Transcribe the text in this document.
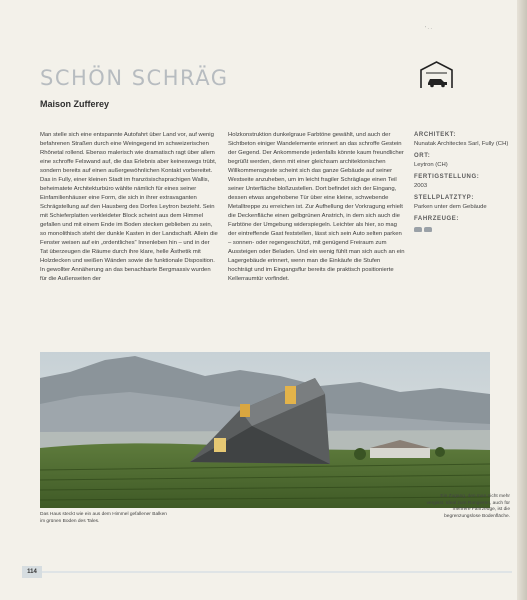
' · ·
SCHÖN SCHRÄG
Maison Zufferey
Man stelle sich eine entspannte Autofahrt über Land vor, auf wenig befahrenen Straßen durch eine Weingegend im schweizerischen Rhônetal rollend. Ebenso malerisch wie dramatisch ragt über allem eine schroffe Felswand auf, die das Erlebnis aber keineswegs trübt, sondern bereits auf einen außergewöhnlichen Kontakt vorbereitet. Das in Fully, einer kleinen Stadt im französischsprachigen Wallis, beheimatete Architekturbüro wählte nämlich für eines seiner Einfamilienhäuser eine Form, die sich in ihrer extravaganten Schrägstellung auf den Hausberg des Dorfes Leytron bezieht. Sein mit Schieferplatten verkleideter Block scheint aus dem Himmel gefallen und mit einem Ende im Boden stecken geblieben zu sein, so monolithisch steht der dunkle Kasten in der Landschaft. Allein die Fenster weisen auf ein „ordentliches“ Innenleben hin – und in der Tat überzeugen die Räume durch ihre klare, helle Ästhetik mit Holzdecken und weißen Wänden sowie die funktionale Disposition. In gewollter Annäherung an das benachbarte Bergmassiv wurden für die Außenseiten der
Holzkonstruktion dunkelgraue Farbtöne gewählt, und auch der Sichtbeton einiger Wandelemente erinnert an das schroffe Gestein der Gegend. Der Ankommende jedenfalls könnte kaum freundlicher begrüßt werden, denn mit einer gleichsam architektonischen Willkommensgeste scheint sich das ganze Gebäude auf seiner Westseite anzuheben, um im leicht fragiler Schräglage einen Teil seiner Unterfläche bloßzustellen. Dort befindet sich der Eingang, dessen etwas angehobene Tür über eine kleine, schwebende Metalltreppe zu erreichen ist. Zur Aufhellung der Vorkragung erhielt die Deckenfläche einen gelbgrünen Anstrich, in dem sich auch die Farbtöne der Umgebung widerspiegeln. Leichter als hier, so mag der eintreffende Gast feststellen, lässt sich sein Auto selten parken – sonnen- oder regengeschützt, mit genügend Freiraum zum Aussteigen oder Beladen. Und ein wenig fühlt man sich auch an ein Lagergebäude erinnert, wenn man die Einkäufe die Stufen hochträgt und im Eingangsflur bereits die praktisch positionierte Kellerraumtür vorfindet.
ARCHITEKT:
Nunatak Architectes Sarl, Fully (CH)
ORT:
Leytron (CH)
FERTIGSTELLUNG:
2003
STELLPLATZTYP:
Parken unter dem Gebäude
FAHRZEUGE:
Das Haus steckt wie ein aus dem Himmel gefallener Balken im grünen Boden des Tales.
Ein Zugang, den man nicht mehr vergisst. Ideal zum Rangieren, auch für mehrere Fahrzeuge, ist die begrenzungslose Bodenfläche.
114
